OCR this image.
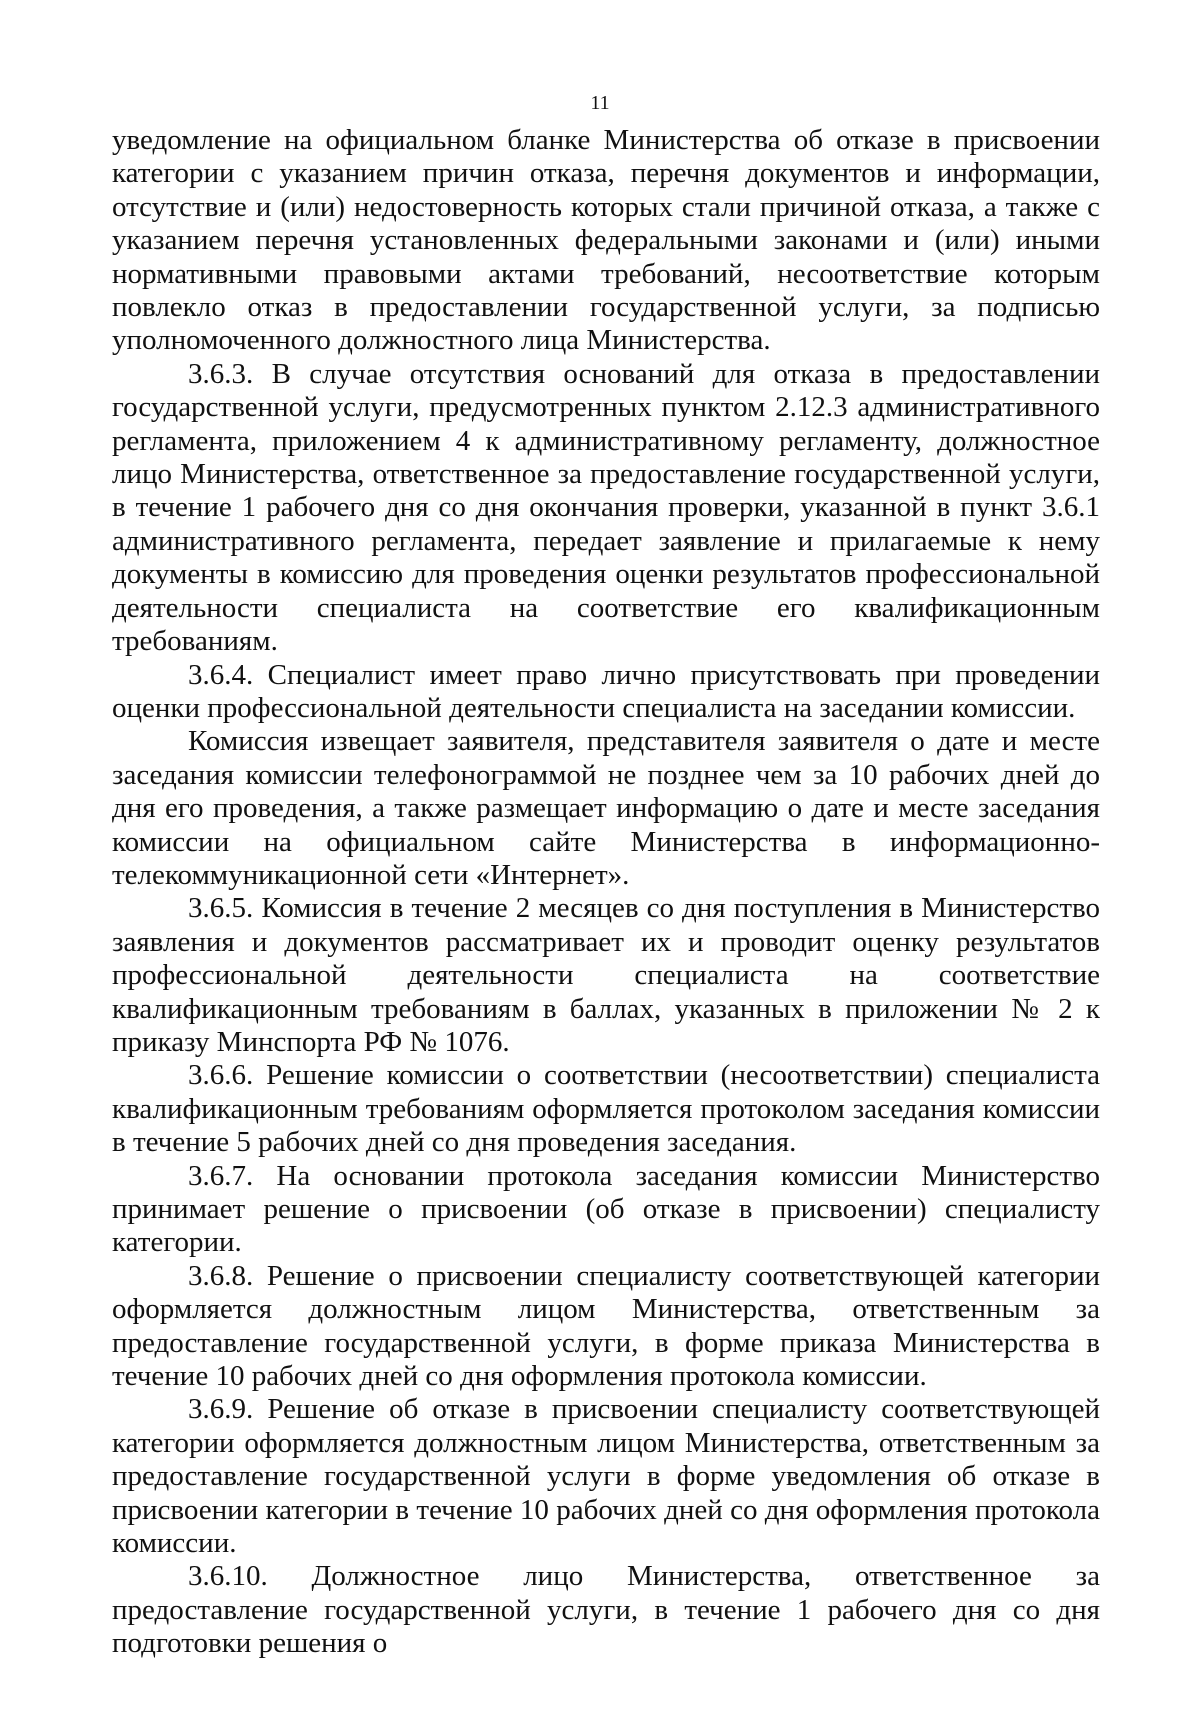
11

уведомление на официальном бланке Министерства об отказе в присвоении категории с указанием причин отказа, перечня документов и информации, отсутствие и (или) недостоверность которых стали причиной отказа, а также с указанием перечня установленных федеральными законами и (или) иными нормативными правовыми актами требований, несоответствие которым повлекло отказ в предоставлении государственной услуги, за подписью уполномоченного должностного лица Министерства.

3.6.3. В случае отсутствия оснований для отказа в предоставлении государственной услуги, предусмотренных пунктом 2.12.3 административного регламента, приложением 4 к административному регламенту, должностное лицо Министерства, ответственное за предоставление государственной услуги, в течение 1 рабочего дня со дня окончания проверки, указанной в пункт 3.6.1 административного регламента, передает заявление и прилагаемые к нему документы в комиссию для проведения оценки результатов профессиональной деятельности специалиста на соответствие его квалификационным требованиям.

3.6.4. Специалист имеет право лично присутствовать при проведении оценки профессиональной деятельности специалиста на заседании комиссии.

Комиссия извещает заявителя, представителя заявителя о дате и месте заседания комиссии телефонограммой не позднее чем за 10 рабочих дней до дня его проведения, а также размещает информацию о дате и месте заседания комиссии на официальном сайте Министерства в информационно-телекоммуникационной сети «Интернет».

3.6.5. Комиссия в течение 2 месяцев со дня поступления в Министерство заявления и документов рассматривает их и проводит оценку результатов профессиональной деятельности специалиста на соответствие квалификационным требованиям в баллах, указанных в приложении № 2 к приказу Минспорта РФ № 1076.

3.6.6. Решение комиссии о соответствии (несоответствии) специалиста квалификационным требованиям оформляется протоколом заседания комиссии в течение 5 рабочих дней со дня проведения заседания.

3.6.7. На основании протокола заседания комиссии Министерство принимает решение о присвоении (об отказе в присвоении) специалисту категории.

3.6.8. Решение о присвоении специалисту соответствующей категории оформляется должностным лицом Министерства, ответственным за предоставление государственной услуги, в форме приказа Министерства в течение 10 рабочих дней со дня оформления протокола комиссии.

3.6.9. Решение об отказе в присвоении специалисту соответствующей категории оформляется должностным лицом Министерства, ответственным за предоставление государственной услуги в форме уведомления об отказе в присвоении категории в течение 10 рабочих дней со дня оформления протокола комиссии.

3.6.10. Должностное лицо Министерства, ответственное за предоставление государственной услуги, в течение 1 рабочего дня со дня подготовки решения о
